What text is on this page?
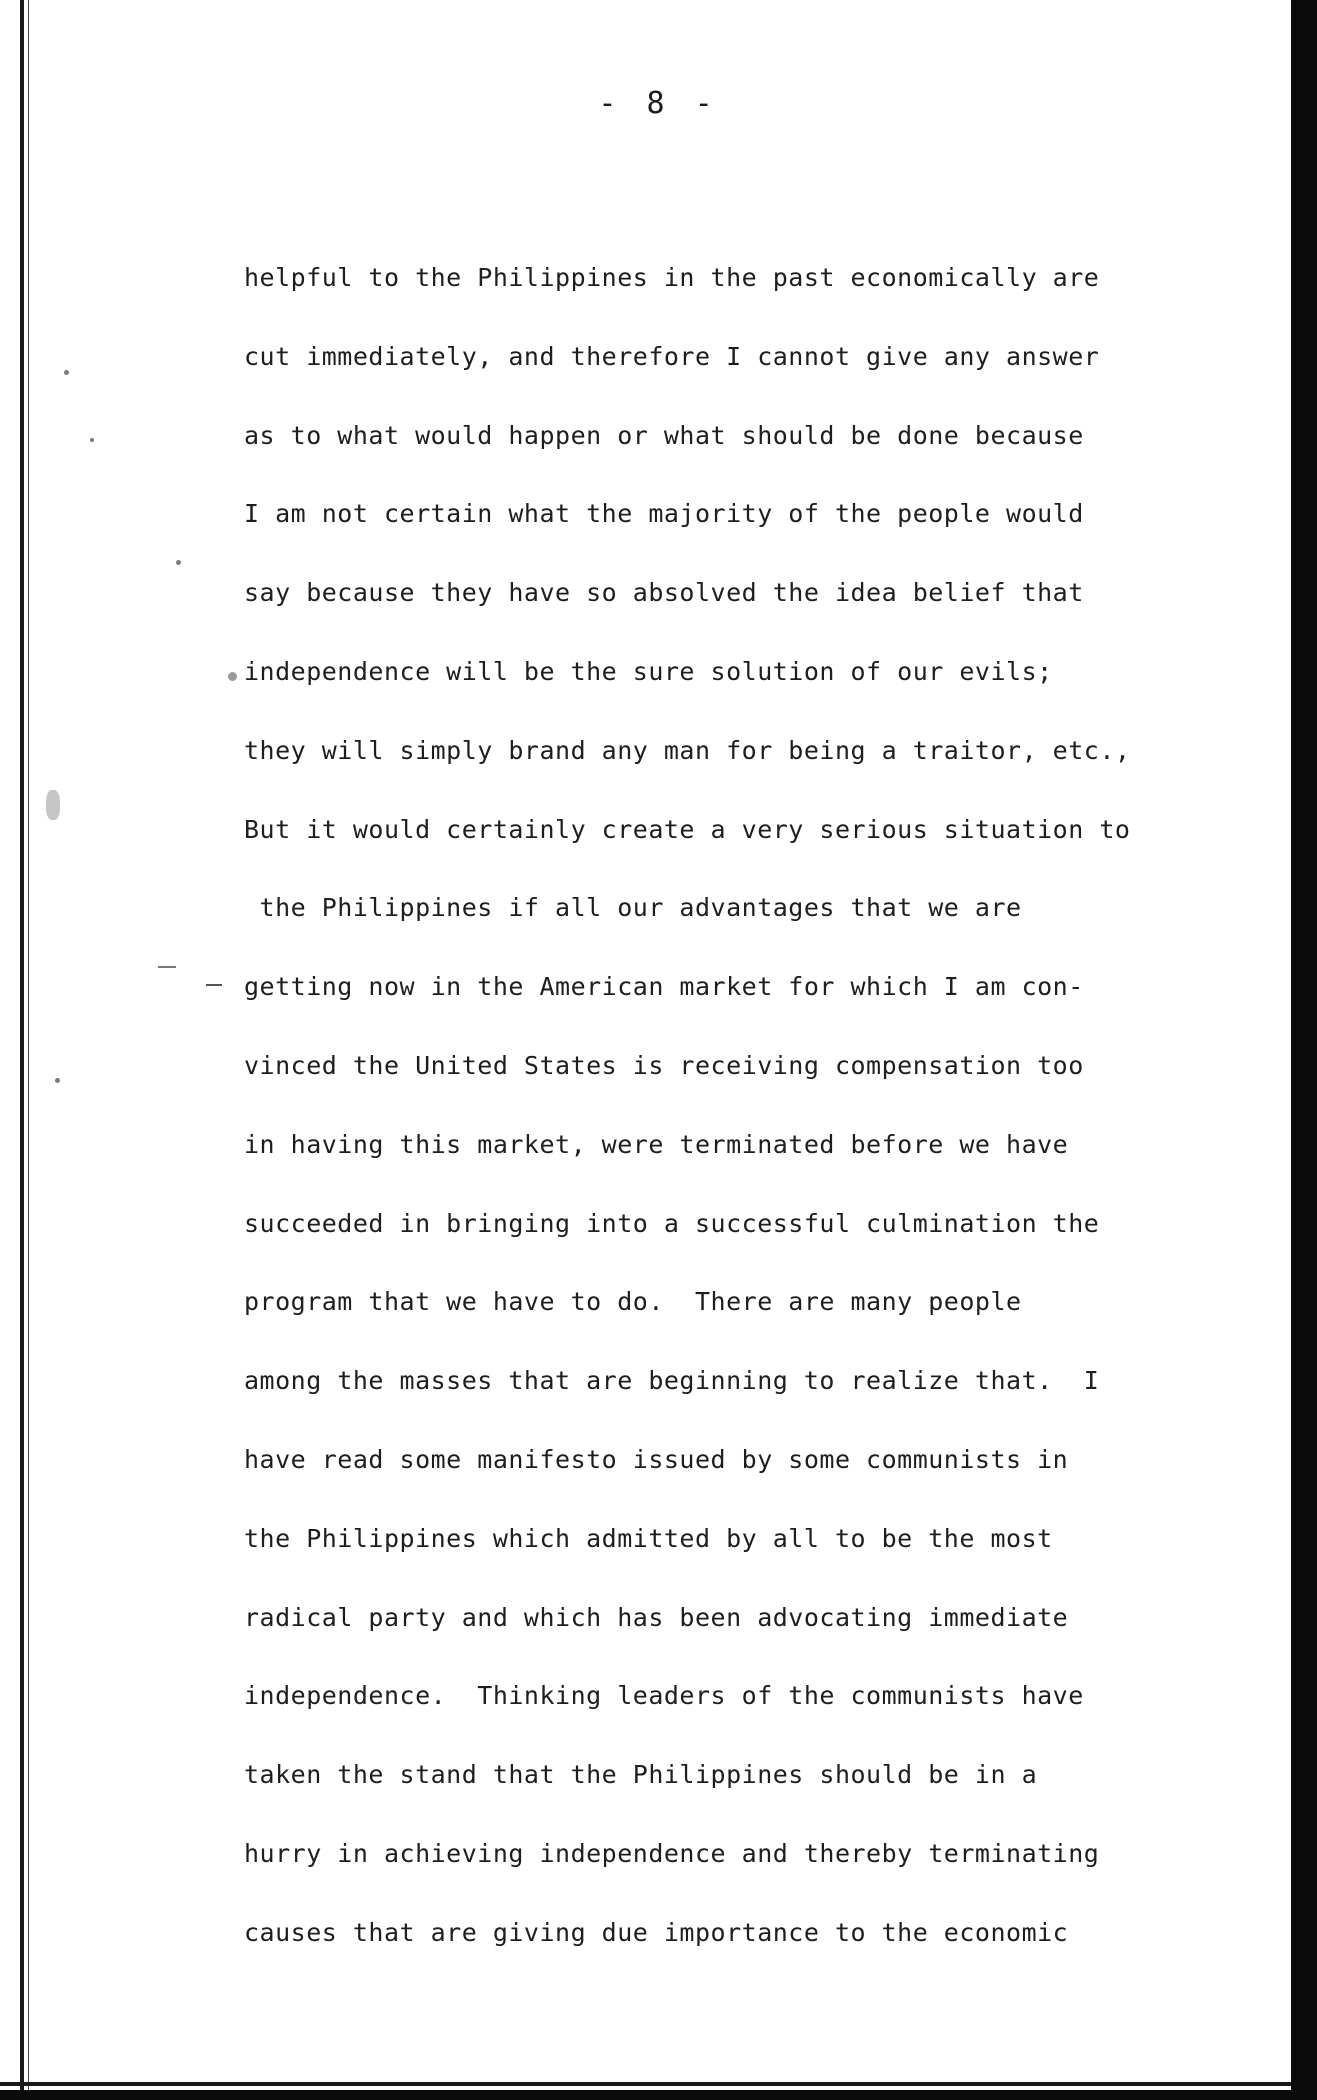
- 8 -
helpful to the Philippines in the past economically are
cut immediately, and therefore I cannot give any answer
as to what would happen or what should be done because
I am not certain what the majority of the people would
say because they have so absolved the idea belief that
independence will be the sure solution of our evils;
they will simply brand any man for being a traitor, etc.,
But it would certainly create a very serious situation to
the Philippines if all our advantages that we are
getting now in the American market for which I am con-
vinced the United States is receiving compensation too
in having this market, were terminated before we have
succeeded in bringing into a successful culmination the
program that we have to do.  There are many people
among the masses that are beginning to realize that.  I
have read some manifesto issued by some communists in
the Philippines which admitted by all to be the most
radical party and which has been advocating immediate
independence.  Thinking leaders of the communists have
taken the stand that the Philippines should be in a
hurry in achieving independence and thereby terminating
causes that are giving due importance to the economic
